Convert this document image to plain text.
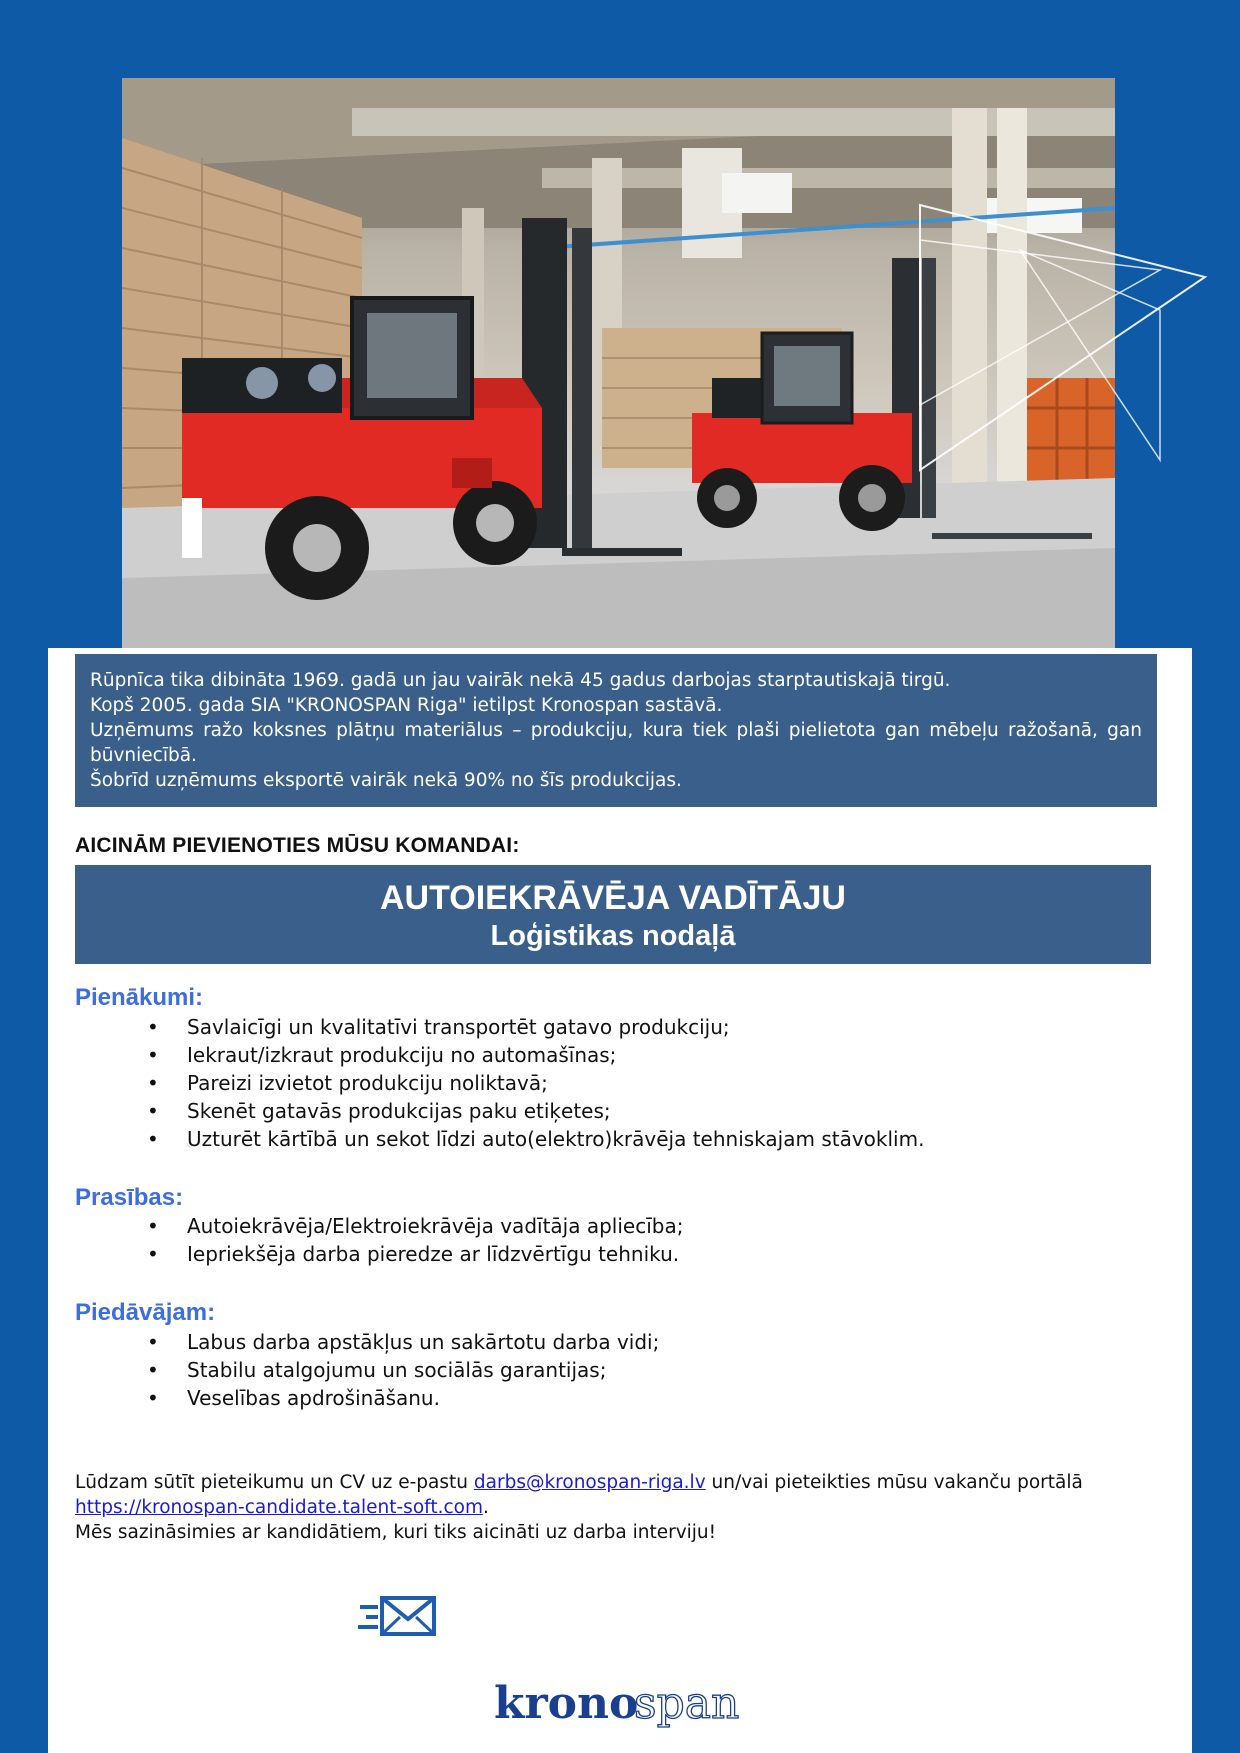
Rūpnīca tika dibināta 1969. gadā un jau vairāk nekā 45 gadus darbojas starptautiskajā tirgū.

Kopš 2005. gada SIA "KRONOSPAN Riga" ietilpst Kronospan sastāvā.

Uzņēmums ražo koksnes plātņu materiālus – produkciju, kura tiek plaši pielietota gan mēbeļu ražošanā, gan būvniecībā.

Šobrīd uzņēmums eksportē vairāk nekā 90% no šīs produkcijas.

AICINĀM PIEVIENOTIES MŪSU KOMANDAI:
AUTOIEKRĀVĒJA VADĪTĀJU
Loģistikas nodaļā
Pienākumi:
• Savlaicīgi un kvalitatīvi transportēt gatavo produkciju;
• Iekraut/izkraut produkciju no automašīnas;
• Pareizi izvietot produkciju noliktavā;
• Skenēt gatavās produkcijas paku etiķetes;
• Uzturēt kārtībā un sekot līdzi auto(elektro)krāvēja tehniskajam stāvoklim.
Prasības:
• Autoiekrāvēja/Elektroiekrāvēja vadītāja apliecība;
• Iepriekšēja darba pieredze ar līdzvērtīgu tehniku.
Piedāvājam:
• Labus darba apstākļus un sakārtotu darba vidi;
• Stabilu atalgojumu un sociālās garantijas;
• Veselības apdrošināšanu.

Lūdzam sūtīt pieteikumu un CV uz e-pastu darbs@kronospan-riga.lv un/vai pieteikties mūsu vakanču portālā https://kronospan-candidate.talent-soft.com.

Mēs sazināsimies ar kandidātiem, kuri tiks aicināti uz darba interviju!

krono
span
